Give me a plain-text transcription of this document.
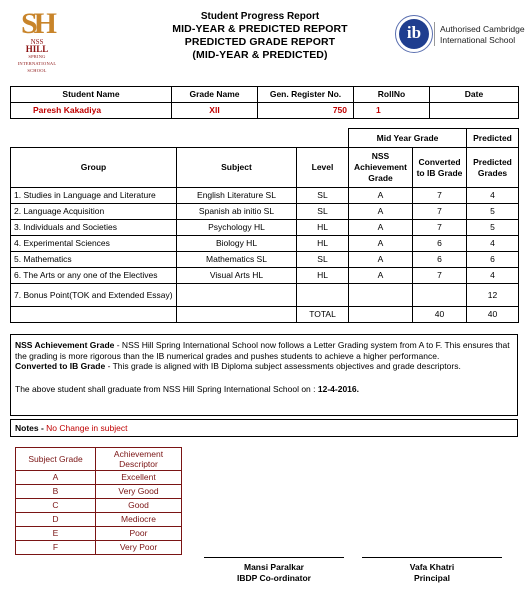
SH
NSS
HILL
SPRING
INTERNATIONAL
SCHOOL
Student Progress Report
MID-YEAR & PREDICTED REPORT
PREDICTED GRADE REPORT
(MID-YEAR & PREDICTED)
ib	Authorised Cambridge
International School
Student Name	Grade Name	Gen. Register No.	RollNo	Date
Paresh Kakadiya	XII	750	1	
			Mid Year Grade		Predicted
Group	Subject	Level	NSS Achievement Grade	Converted to IB Grade	Predicted Grades
1. Studies in Language and Literature	English Literature SL	SL	A	7	4
2. Language Acquisition	Spanish ab initio SL	SL	A	7	5
3. Individuals and Societies	Psychology HL	HL	A	7	5
4. Experimental Sciences	Biology HL	HL	A	6	4
5. Mathematics	Mathematics SL	SL	A	6	6
6. The Arts or any one of the Electives	Visual Arts HL	HL	A	7	4
7. Bonus Point(TOK and Extended Essay)					12
		TOTAL		40	40
NSS Achievement Grade - NSS Hill Spring International School now follows a Letter Grading system from A to F. This ensures that the grading is more rigorous than the IB numerical grades and pushes students to achieve a higher performance.
Converted to IB Grade - This grade is aligned with IB Diploma subject assessments objectives and grade descriptors.
The above student shall graduate from NSS Hill Spring International School on : 12-4-2016.
Notes - No Change in subject
Subject Grade	Achievement Descriptor
A	Excellent
B	Very Good
C	Good
D	Mediocre
E	Poor
F	Very Poor
Mansi Paralkar
IBDP Co-ordinator
Vafa Khatri
Principal
